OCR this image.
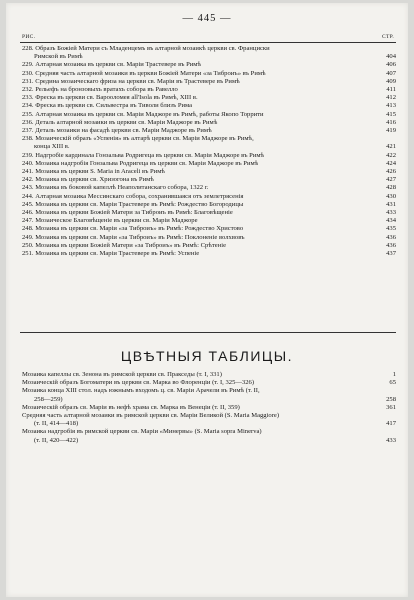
— 445 —
РИС.	СТР.
228. Образъ Божіей Матери съ Младенцемъ въ алтарной мозаикѣ церкви св. Франциски
Римской въ Римѣ	404
229. Алтарная мозаика въ церкви св. Маріи Трастевере въ Римѣ	406
230. Средняя часть алтарной мозаики въ церкви Божіей Матери «за Тиброиъ» въ Римѣ	407
231. Средина мозаическаго фриза на церкви св. Маріи въ Трастевере въ Римѣ	409
232. Рельефъ на бронзовыхъ вратахъ собора въ Равелло	411
233. Фреска въ церкви св. Варооломея all'Isola въ Римѣ, XIII в.	412
234. Фреска въ церкви св. Сильвестра въ Тиволи близъ Рима	413
235. Алтарная мозаика въ церкви св. Маріи Маджоре въ Римѣ, работы Якопо Торрити	415
236. Деталь алтарной мозаики въ церкви св. Маріи Маджоре въ Римѣ	416
237. Деталь мозаики на фасадѣ церкви св. Маріи Маджоре въ Римѣ	419
238. Мозаическій образъ «Успенія» въ алтарѣ церкви св. Маріи Маджоре въ Римѣ,
конца XIII в.	421
239. Надгробіе кардинала Гонзальва Родригеца въ церкви св. Маріи Маджоре въ Римѣ	422
240. Мозаика надгробія Гонзальва Родригеца въ церкви св. Маріи Маджоре въ Римѣ	424
241. Мозаика въ церкви S. Maria in Araceli въ Римѣ	426
242. Мозаика въ церкви св. Хризогона въ Римѣ	427
243. Мозаика въ боковой капеллѣ Неаполитанскаго собора, 1322 г.	428
244. Алтарная мозаика Мессинскаго собора, сохранившаяся отъ землетрясенія	430
245. Мозаика въ церкви св. Маріи Трастевере въ Римѣ: Рождество Богородицы	431
246. Мозаика въ церкви Божіей Матери за Тиброиъ въ Римѣ: Благовѣщеніе	433
247. Мозаическое Благовѣщеніе въ церкви св. Маріи Маджоре	434
248. Мозаика въ церкви св. Маріи «за Тиброиъ» въ Римѣ: Рождество Христово	435
249. Мозаика въ церкви св. Маріи «за Тиброиъ» въ Римѣ: Поклоненіе волхвовъ	436
250. Мозаика въ церкви Божіей Матери «за Тиброиъ» въ Римѣ: Срѣтеніе	436
251. Мозаика въ церкви св. Маріи Трастевере въ Римѣ: Успеніе	437
ЦВѢТНЫЯ ТАБЛИЦЫ.
Мозаика капеллы св. Зенона въ римской церкви св. Пракседы (т. I, 331)	1
Мозаическій образъ Богоматери въ церкви св. Марка во Флоренціи (т. I, 325—326)	65
Мозаика конца XIII стол. надъ южнымъ входомъ ц. св. Маріи Арачели въ Римѣ (т. II,
258—259)	258
Мозаическій образъ св. Маріи въ нефѣ храма св. Марка въ Венеціи (т. II, 359)	361
Средняя часть алтарной мозаики въ римской церкви св. Маріи Великой (S. Maria Maggiore)
(т. II, 414—418)	417
Мозаика надгробія въ римской церкви св. Маріи «Минервы» (S. Maria sopra Minerva)
(т. II, 420—422)	433
